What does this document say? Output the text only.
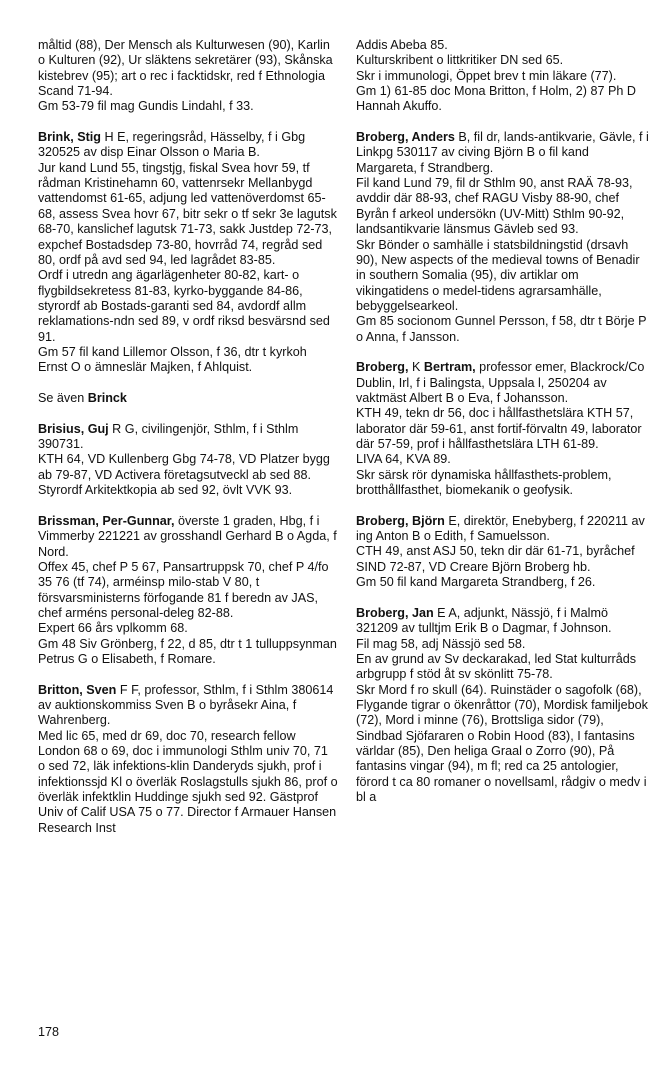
måltid (88), Der Mensch als Kulturwesen (90), Karlin o Kulturen (92), Ur släktens sekretärer (93), Skånska kistebrev (95); art o rec i facktidskr, red f Ethnologia Scand 71-94.

Gm 53-79 fil mag Gundis Lindahl, f 33.

Brink, Stig H E, regeringsråd, Hässelby, f i Gbg 320525 av disp Einar Olsson o Maria B.

Jur kand Lund 55, tingstjg, fiskal Svea hovr 59, tf rådman Kristinehamn 60, vattenrsekr Mellanbygd vattendomst 61-65, adjung led vattenöverdomst 65-68, assess Svea hovr 67, bitr sekr o tf sekr 3e lagutsk 68-70, kanslichef lagutsk 71-73, sakk Justdep 72-73, expchef Bostadsdep 73-80, hovrråd 74, regråd sed 80, ordf på avd sed 94, led lagrådet 83-85.

Ordf i utredn ang ägarlägenheter 80-82, kart- o flygbildsekretess 81-83, kyrko-byggande 84-86, styrordf ab Bostads-garanti sed 84, avdordf allm reklamations-ndn sed 89, v ordf riksd besvärsnd sed 91.

Gm 57 fil kand Lillemor Olsson, f 36, dtr t kyrkoh Ernst O o ämneslär Majken, f Ahlquist.

Se även Brinck

Brisius, Guj R G, civilingenjör, Sthlm, f i Sthlm 390731.

KTH 64, VD Kullenberg Gbg 74-78, VD Platzer bygg ab 79-87, VD Activera företagsutveckl ab sed 88.

Styrordf Arkitektkopia ab sed 92, övlt VVK 93.

Brissman, Per-Gunnar, överste 1 graden, Hbg, f i Vimmerby 221221 av grosshandl Gerhard B o Agda, f Nord.

Offex 45, chef P 5 67, Pansartruppsk 70, chef P 4/fo 35 76 (tf 74), arméinsp milo-stab V 80, t försvarsministerns förfogande 81 f beredn av JAS, chef arméns personal-deleg 82-88.

Expert 66 års vplkomm 68.

Gm 48 Siv Grönberg, f 22, d 85, dtr t 1 tulluppsynman Petrus G o Elisabeth, f Romare.

Britton, Sven F F, professor, Sthlm, f i Sthlm 380614 av auktionskommiss Sven B o byråsekr Aina, f Wahrenberg.

Med lic 65, med dr 69, doc 70, research fellow London 68 o 69, doc i immunologi Sthlm univ 70, 71 o sed 72, läk infektions-klin Danderyds sjukh, prof i infektionssjd Kl o överläk Roslagstulls sjukh 86, prof o överläk infektklin Huddinge sjukh sed 92. Gästprof Univ of Calif USA 75 o 77. Director f Armauer Hansen Research Inst

Addis Abeba 85.

Kulturskribent o littkritiker DN sed 65.

Skr i immunologi, Öppet brev t min läkare (77).

Gm 1) 61-85 doc Mona Britton, f Holm, 2) 87 Ph D Hannah Akuffo.

Broberg, Anders B, fil dr, lands-antikvarie, Gävle, f i Linkpg 530117 av civing Björn B o fil kand Margareta, f Strandberg.

Fil kand Lund 79, fil dr Sthlm 90, anst RAÄ 78-93, avddir där 88-93, chef RAGU Visby 88-90, chef Byrån f arkeol undersökn (UV-Mitt) Sthlm 90-92, landsantikvarie länsmus Gävleb sed 93.

Skr Bönder o samhälle i statsbildningstid (drsavh 90), New aspects of the medieval towns of Benadir in southern Somalia (95), div artiklar om vikingatidens o medel-tidens agrarsamhälle, bebyggelsearkeol.

Gm 85 socionom Gunnel Persson, f 58, dtr t Börje P o Anna, f Jansson.

Broberg, K Bertram, professor emer, Blackrock/Co Dublin, Irl, f i Balingsta, Uppsala l, 250204 av vaktmäst Albert B o Eva, f Johansson.

KTH 49, tekn dr 56, doc i hållfasthetslära KTH 57, laborator där 59-61, anst fortif-förvaltn 49, laborator där 57-59, prof i hållfasthetslära LTH 61-89.

LIVA 64, KVA 89.

Skr särsk rör dynamiska hållfasthets-problem, brotthållfasthet, biomekanik o geofysik.

Broberg, Björn E, direktör, Enebyberg, f 220211 av ing Anton B o Edith, f Samuelsson.

CTH 49, anst ASJ 50, tekn dir där 61-71, byråchef SIND 72-87, VD Creare Björn Broberg hb.

Gm 50 fil kand Margareta Strandberg, f 26.

Broberg, Jan E A, adjunkt, Nässjö, f i Malmö 321209 av tulltjm Erik B o Dagmar, f Johnson.

Fil mag 58, adj Nässjö sed 58.

En av grund av Sv deckarakad, led Stat kulturråds arbgrupp f stöd åt sv skönlitt 75-78.

Skr Mord f ro skull (64). Ruinstäder o sagofolk (68), Flygande tigrar o ökenråttor (70), Mordisk familjebok (72), Mord i minne (76), Brottsliga sidor (79), Sindbad Sjöfararen o Robin Hood (83), I fantasins världar (85), Den heliga Graal o Zorro (90), På fantasins vingar (94), m fl; red ca 25 antologier, förord t ca 80 romaner o novellsaml, rådgiv o medv i bl a

178
